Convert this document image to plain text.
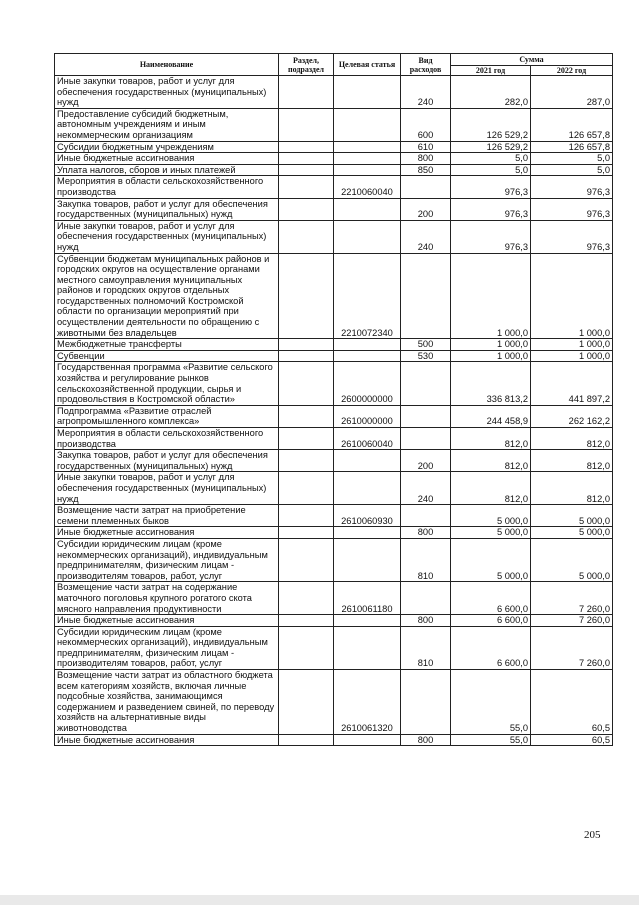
Наименование	Раздел, подраздел	Целевая статья	Вид расходов	Сумма	
				2021 год	2022 год
Иные закупки товаров, работ и услуг для обеспечения государственных (муниципальных) нужд			240	282,0	287,0
Предоставление субсидий бюджетным, автономным учреждениям и иным некоммерческим организациям			600	126 529,2	126 657,8
Субсидии бюджетным учреждениям			610	126 529,2	126 657,8
Иные бюджетные ассигнования			800	5,0	5,0
Уплата налогов, сборов и иных платежей			850	5,0	5,0
Мероприятия в области сельскохозяйственного производства		2210060040		976,3	976,3
Закупка товаров, работ и услуг для обеспечения государственных (муниципальных) нужд			200	976,3	976,3
Иные закупки товаров, работ и услуг для обеспечения государственных (муниципальных) нужд			240	976,3	976,3
Субвенции бюджетам муниципальных районов и городских округов на осуществление органами местного самоуправления муниципальных районов и городских округов отдельных государственных полномочий Костромской области по организации мероприятий при осуществлении деятельности по обращению с животными без владельцев		2210072340		1 000,0	1 000,0
Межбюджетные трансферты			500	1 000,0	1 000,0
Субвенции			530	1 000,0	1 000,0
Государственная программа «Развитие сельского хозяйства и регулирование рынков сельскохозяйственной продукции, сырья и продовольствия в Костромской области»		2600000000		336 813,2	441 897,2
Подпрограмма «Развитие отраслей агропромышленного комплекса»		2610000000		244 458,9	262 162,2
Мероприятия в области сельскохозяйственного производства		2610060040		812,0	812,0
Закупка товаров, работ и услуг для обеспечения государственных (муниципальных) нужд			200	812,0	812,0
Иные закупки товаров, работ и услуг для обеспечения государственных (муниципальных) нужд			240	812,0	812,0
Возмещение части затрат на приобретение семени племенных быков		2610060930		5 000,0	5 000,0
Иные бюджетные ассигнования			800	5 000,0	5 000,0
Субсидии юридическим лицам (кроме некоммерческих организаций), индивидуальным предпринимателям, физическим лицам - производителям товаров, работ, услуг			810	5 000,0	5 000,0
Возмещение части затрат на содержание маточного поголовья крупного рогатого скота мясного направления продуктивности		2610061180		6 600,0	7 260,0
Иные бюджетные ассигнования			800	6 600,0	7 260,0
Субсидии юридическим лицам (кроме некоммерческих организаций), индивидуальным предпринимателям, физическим лицам - производителям товаров, работ, услуг			810	6 600,0	7 260,0
Возмещение части затрат из областного бюджета всем категориям хозяйств, включая личные подсобные хозяйства, занимающимся содержанием и разведением свиней, по переводу хозяйств на альтернативные виды животноводства		2610061320		55,0	60,5
Иные бюджетные ассигнования			800	55,0	60,5
205
